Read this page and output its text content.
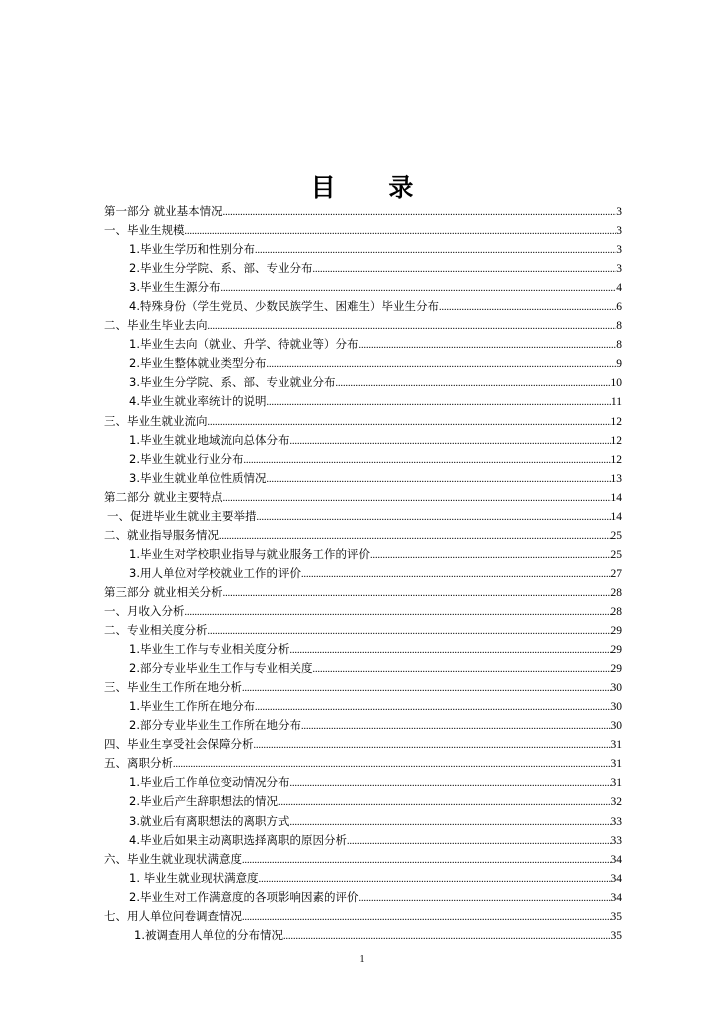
目 录
第一部分 就业基本情况 .....	3
一、毕业生规模 .....	3
1.毕业生学历和性别分布 .....	3
2.毕业生分学院、系、部、专业分布 .....	3
3.毕业生生源分布 .....	4
4.特殊身份（学生党员、少数民族学生、困难生）毕业生分布 .....	6
二、毕业生毕业去向 .....	8
1.毕业生去向（就业、升学、待就业等）分布 .....	8
2.毕业生整体就业类型分布 .....	9
3.毕业生分学院、系、部、专业就业分布 .....	10
4.毕业生就业率统计的说明 .....	11
三、毕业生就业流向 .....	12
1.毕业生就业地域流向总体分布 .....	12
2.毕业生就业行业分布 .....	12
3.毕业生就业单位性质情况 .....	13
第二部分 就业主要特点 .....	14
一、促进毕业生就业主要举措 .....	14
二、就业指导服务情况 .....	25
1.毕业生对学校职业指导与就业服务工作的评价 .....	25
3.用人单位对学校就业工作的评价 .....	27
第三部分 就业相关分析 .....	28
一、月收入分析 .....	28
二、专业相关度分析 .....	29
1.毕业生工作与专业相关度分析 .....	29
2.部分专业毕业生工作与专业相关度 .....	29
三、毕业生工作所在地分析 .....	30
1.毕业生工作所在地分布 .....	30
2.部分专业毕业生工作所在地分布 .....	30
四、毕业生享受社会保障分析 .....	31
五、离职分析 .....	31
1.毕业后工作单位变动情况分布 .....	31
2.毕业后产生辞职想法的情况 .....	32
3.就业后有离职想法的离职方式 .....	33
4.毕业后如果主动离职选择离职的原因分析 .....	33
六、毕业生就业现状满意度 .....	34
1. 毕业生就业现状满意度 .....	34
2.毕业生对工作满意度的各项影响因素的评价 .....	34
七、用人单位问卷调查情况 .....	35
1.被调查用人单位的分布情况 .....	35
1
